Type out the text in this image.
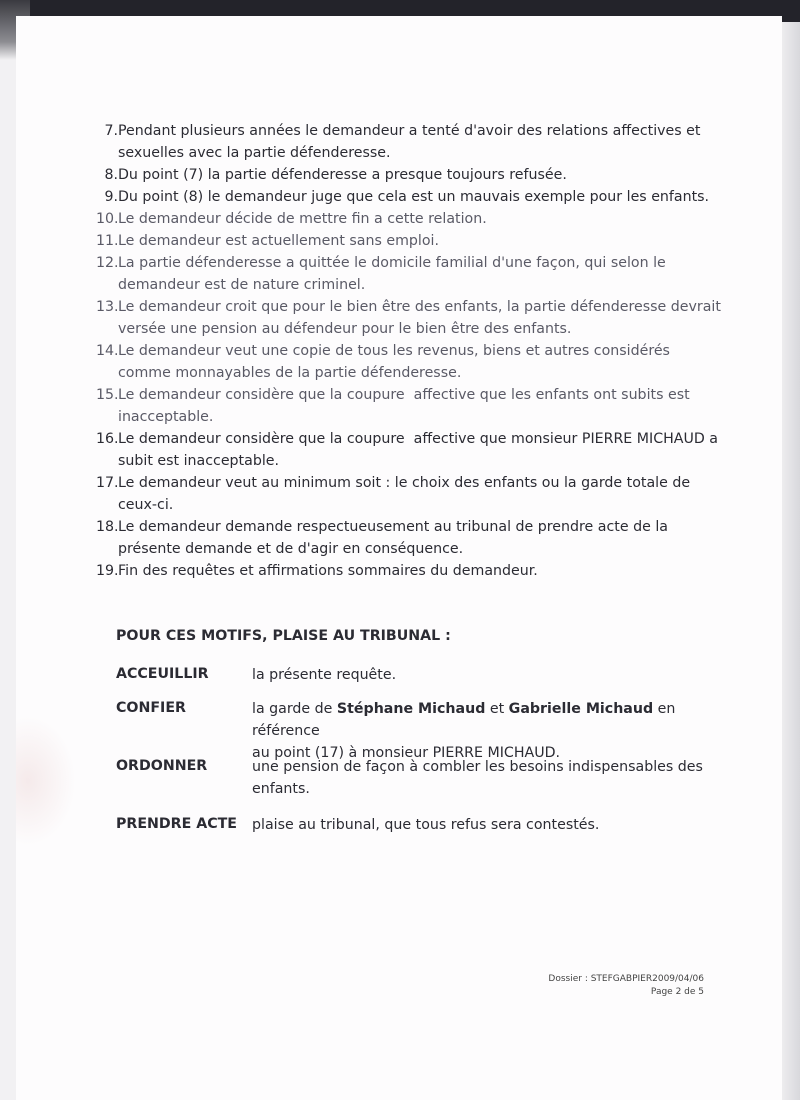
7. Pendant plusieurs années le demandeur a tenté d'avoir des relations affectives et
sexuelles avec la partie défenderesse.
8. Du point (7) la partie défenderesse a presque toujours refusée.
9. Du point (8) le demandeur juge que cela est un mauvais exemple pour les enfants.
10. Le demandeur décide de mettre fin a cette relation.
11. Le demandeur est actuellement sans emploi.
12. La partie défenderesse a quittée le domicile familial d'une façon, qui selon le
demandeur est de nature criminel.
13. Le demandeur croit que pour le bien être des enfants, la partie défenderesse devrait
versée une pension au défendeur pour le bien être des enfants.
14. Le demandeur veut une copie de tous les revenus, biens et autres considérés
comme monnayables de la partie défenderesse.
15. Le demandeur considère que la coupure  affective que les enfants ont subits est
inacceptable.
16. Le demandeur considère que la coupure  affective que monsieur PIERRE MICHAUD a
subit est inacceptable.
17. Le demandeur veut au minimum soit : le choix des enfants ou la garde totale de
ceux-ci.
18. Le demandeur demande respectueusement au tribunal de prendre acte de la
présente demande et de d'agir en conséquence.
19. Fin des requêtes et affirmations sommaires du demandeur.
POUR CES MOTIFS, PLAISE AU TRIBUNAL :
ACCEUILLIR	la présente requête.
CONFIER	la garde de Stéphane Michaud et Gabrielle Michaud en référence
au point (17) à monsieur PIERRE MICHAUD.
ORDONNER	une pension de façon à combler les besoins indispensables des
enfants.
PRENDRE ACTE plaise au tribunal, que tous refus sera contestés.
Dossier : STEFGABPIER2009/04/06
Page 2 de 5
